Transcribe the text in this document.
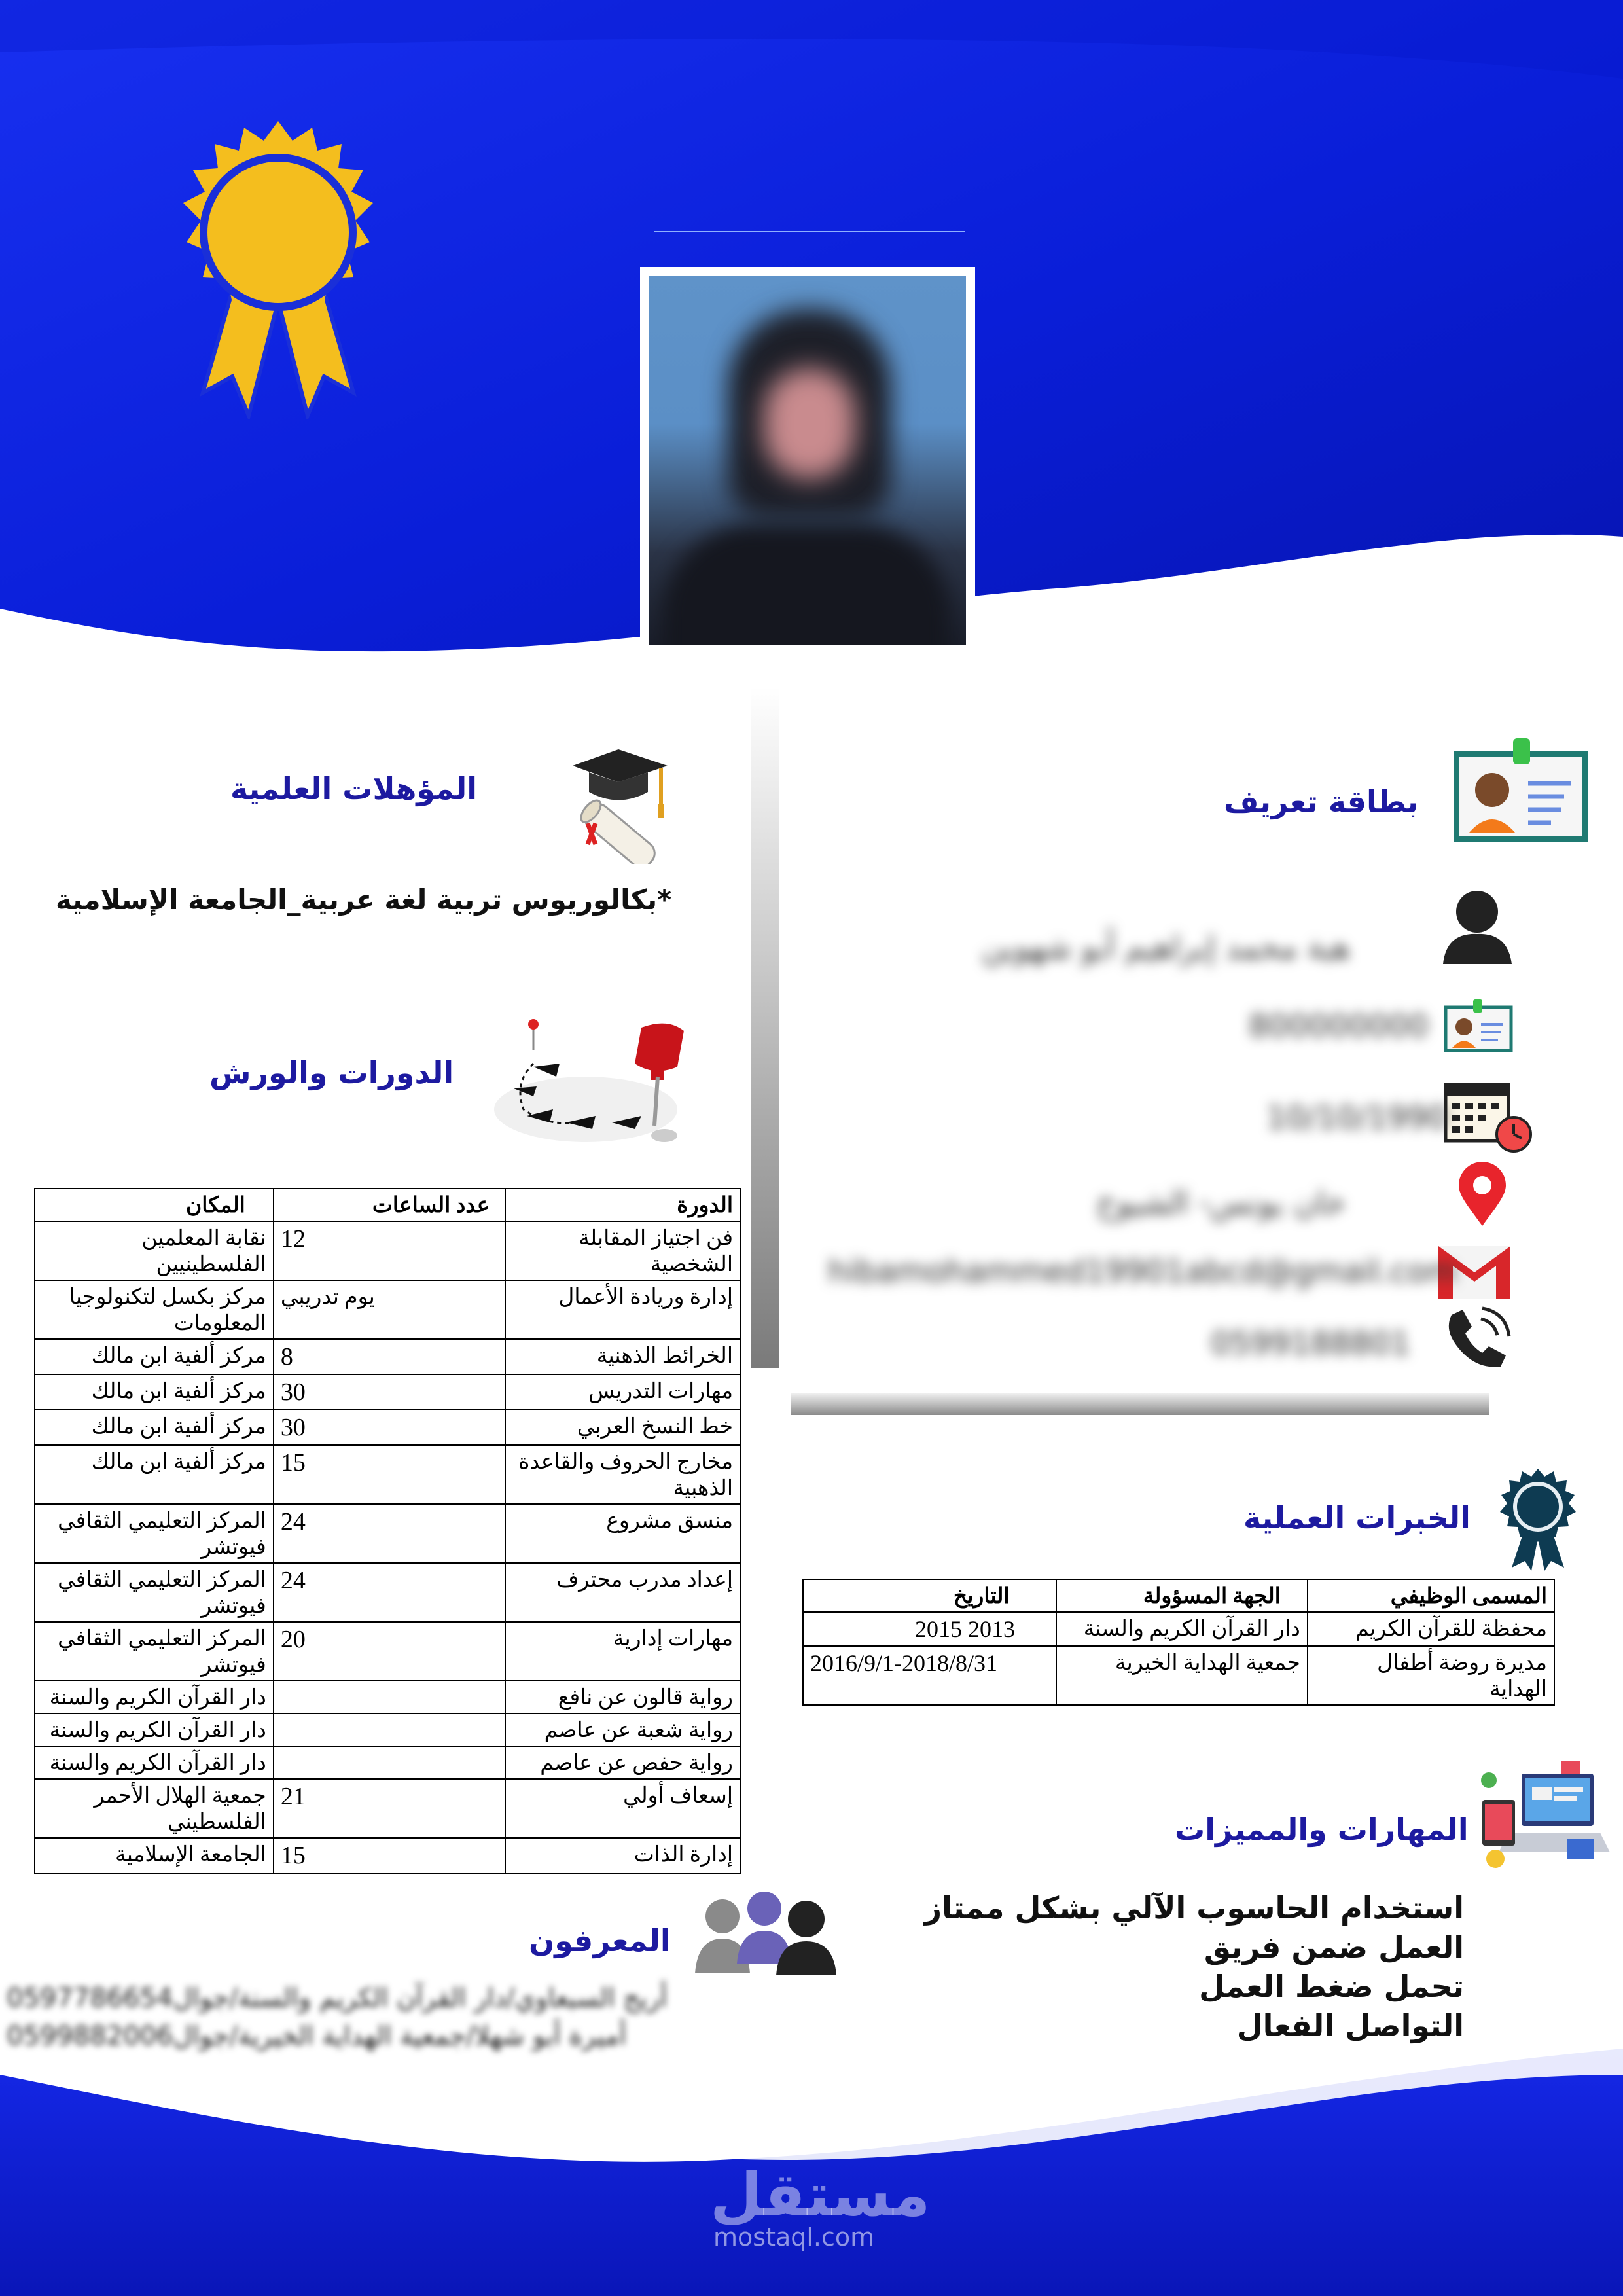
المؤهلات العلمية
*بكالوريوس تربية لغة عربية_الجامعة الإسلامية
الدورات والورش
الدورة	عدد الساعات	المكان
فن اجتياز المقابلة الشخصية	12	نقابة المعلمين الفلسطينيين
إدارة وريادة الأعمال	يوم تدريبي	مركز بكسل لتكنولوجيا المعلومات
الخرائط الذهنية	8	مركز ألفية ابن مالك
مهارات التدريس	30	مركز ألفية ابن مالك
خط النسخ العربي	30	مركز ألفية ابن مالك
مخارج الحروف والقاعدة الذهبية	15	مركز ألفية ابن مالك
منسق مشروع	24	المركز التعليمي الثقافي فيوتشر
إعداد مدرب محترف	24	المركز التعليمي الثقافي فيوتشر
مهارات إدارية	20	المركز التعليمي الثقافي فيوتشر
رواية قالون عن نافع		دار القرآن الكريم والسنة
رواية شعبة عن عاصم		دار القرآن الكريم والسنة
رواية حفص عن عاصم		دار القرآن الكريم والسنة
إسعاف أولي	21	جمعية الهلال الأحمر الفلسطيني
إدارة الذات	15	الجامعة الإسلامية
بطاقة تعريف
هبة محمد إبراهيم أبو شهوين
800000000
10/10/1990
خان يونس- الشيوخ
hibamohammed19901abcd@gmail.com
0599188801
الخبرات العملية
المسمى الوظيفي	الجهة المسؤولة	التاريخ
محفظة للقرآن الكريم	دار القرآن الكريم والسنة	2013 2015
مديرة روضة أطفال الهداية	جمعية الهداية الخيرية	2016/9/1-2018/8/31
المهارات والمميزات
استخدام الحاسوب الآلي بشكل ممتاز
العمل ضمن فريق
تحمل ضغط العمل
التواصل الفعال
المعرفون
أريج السبعاوي/دار القرآن الكريم والسنة/جوال0597786654
أميرة أبو شهلا/جمعية الهداية الخيرية/جوال0599882006
مستقل
mostaql.com
